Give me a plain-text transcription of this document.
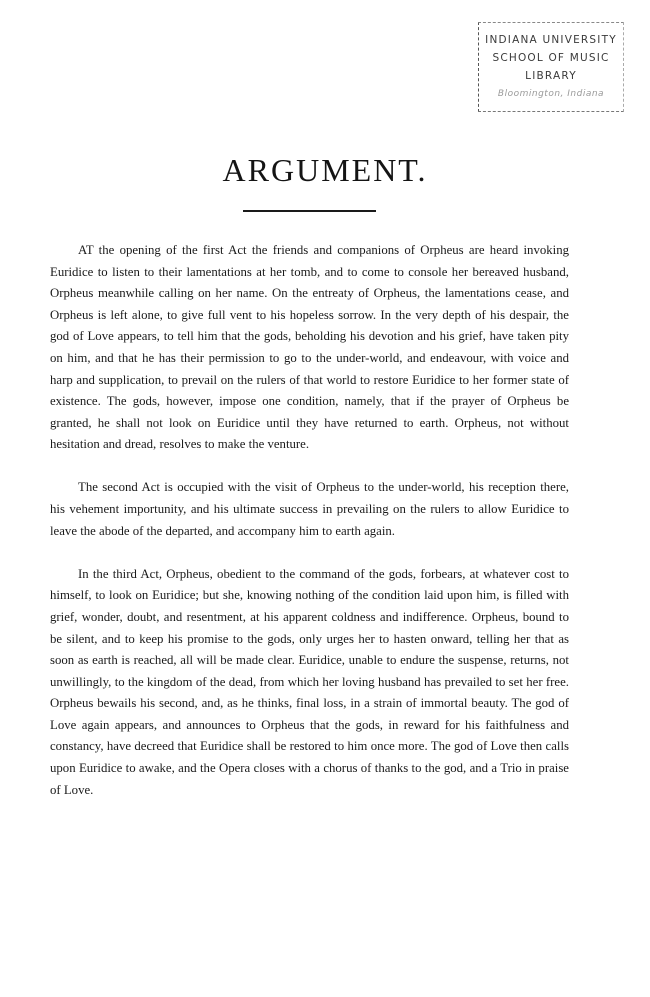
INDIANA UNIVERSITY
SCHOOL OF MUSIC
LIBRARY
Bloomington, Indiana
ARGUMENT.

AT the opening of the first Act the friends and companions of Orpheus are heard invoking Euridice to listen to their lamentations at her tomb, and to come to console her bereaved husband, Orpheus meanwhile calling on her name. On the entreaty of Orpheus, the lamentations cease, and Orpheus is left alone, to give full vent to his hopeless sorrow. In the very depth of his despair, the god of Love appears, to tell him that the gods, beholding his devotion and his grief, have taken pity on him, and that he has their permission to go to the under-world, and endeavour, with voice and harp and supplication, to prevail on the rulers of that world to restore Euridice to her former state of existence. The gods, however, impose one condition, namely, that if the prayer of Orpheus be granted, he shall not look on Euridice until they have returned to earth. Orpheus, not without hesitation and dread, resolves to make the venture.

The second Act is occupied with the visit of Orpheus to the under-world, his reception there, his vehement importunity, and his ultimate success in prevailing on the rulers to allow Euridice to leave the abode of the departed, and accompany him to earth again.

In the third Act, Orpheus, obedient to the command of the gods, forbears, at whatever cost to himself, to look on Euridice; but she, knowing nothing of the condition laid upon him, is filled with grief, wonder, doubt, and resentment, at his apparent coldness and indifference. Orpheus, bound to be silent, and to keep his promise to the gods, only urges her to hasten onward, telling her that as soon as earth is reached, all will be made clear. Euridice, unable to endure the suspense, returns, not unwillingly, to the kingdom of the dead, from which her loving husband has prevailed to set her free. Orpheus bewails his second, and, as he thinks, final loss, in a strain of immortal beauty. The god of Love again appears, and announces to Orpheus that the gods, in reward for his faithfulness and constancy, have decreed that Euridice shall be restored to him once more. The god of Love then calls upon Euridice to awake, and the Opera closes with a chorus of thanks to the god, and a Trio in praise of Love.
